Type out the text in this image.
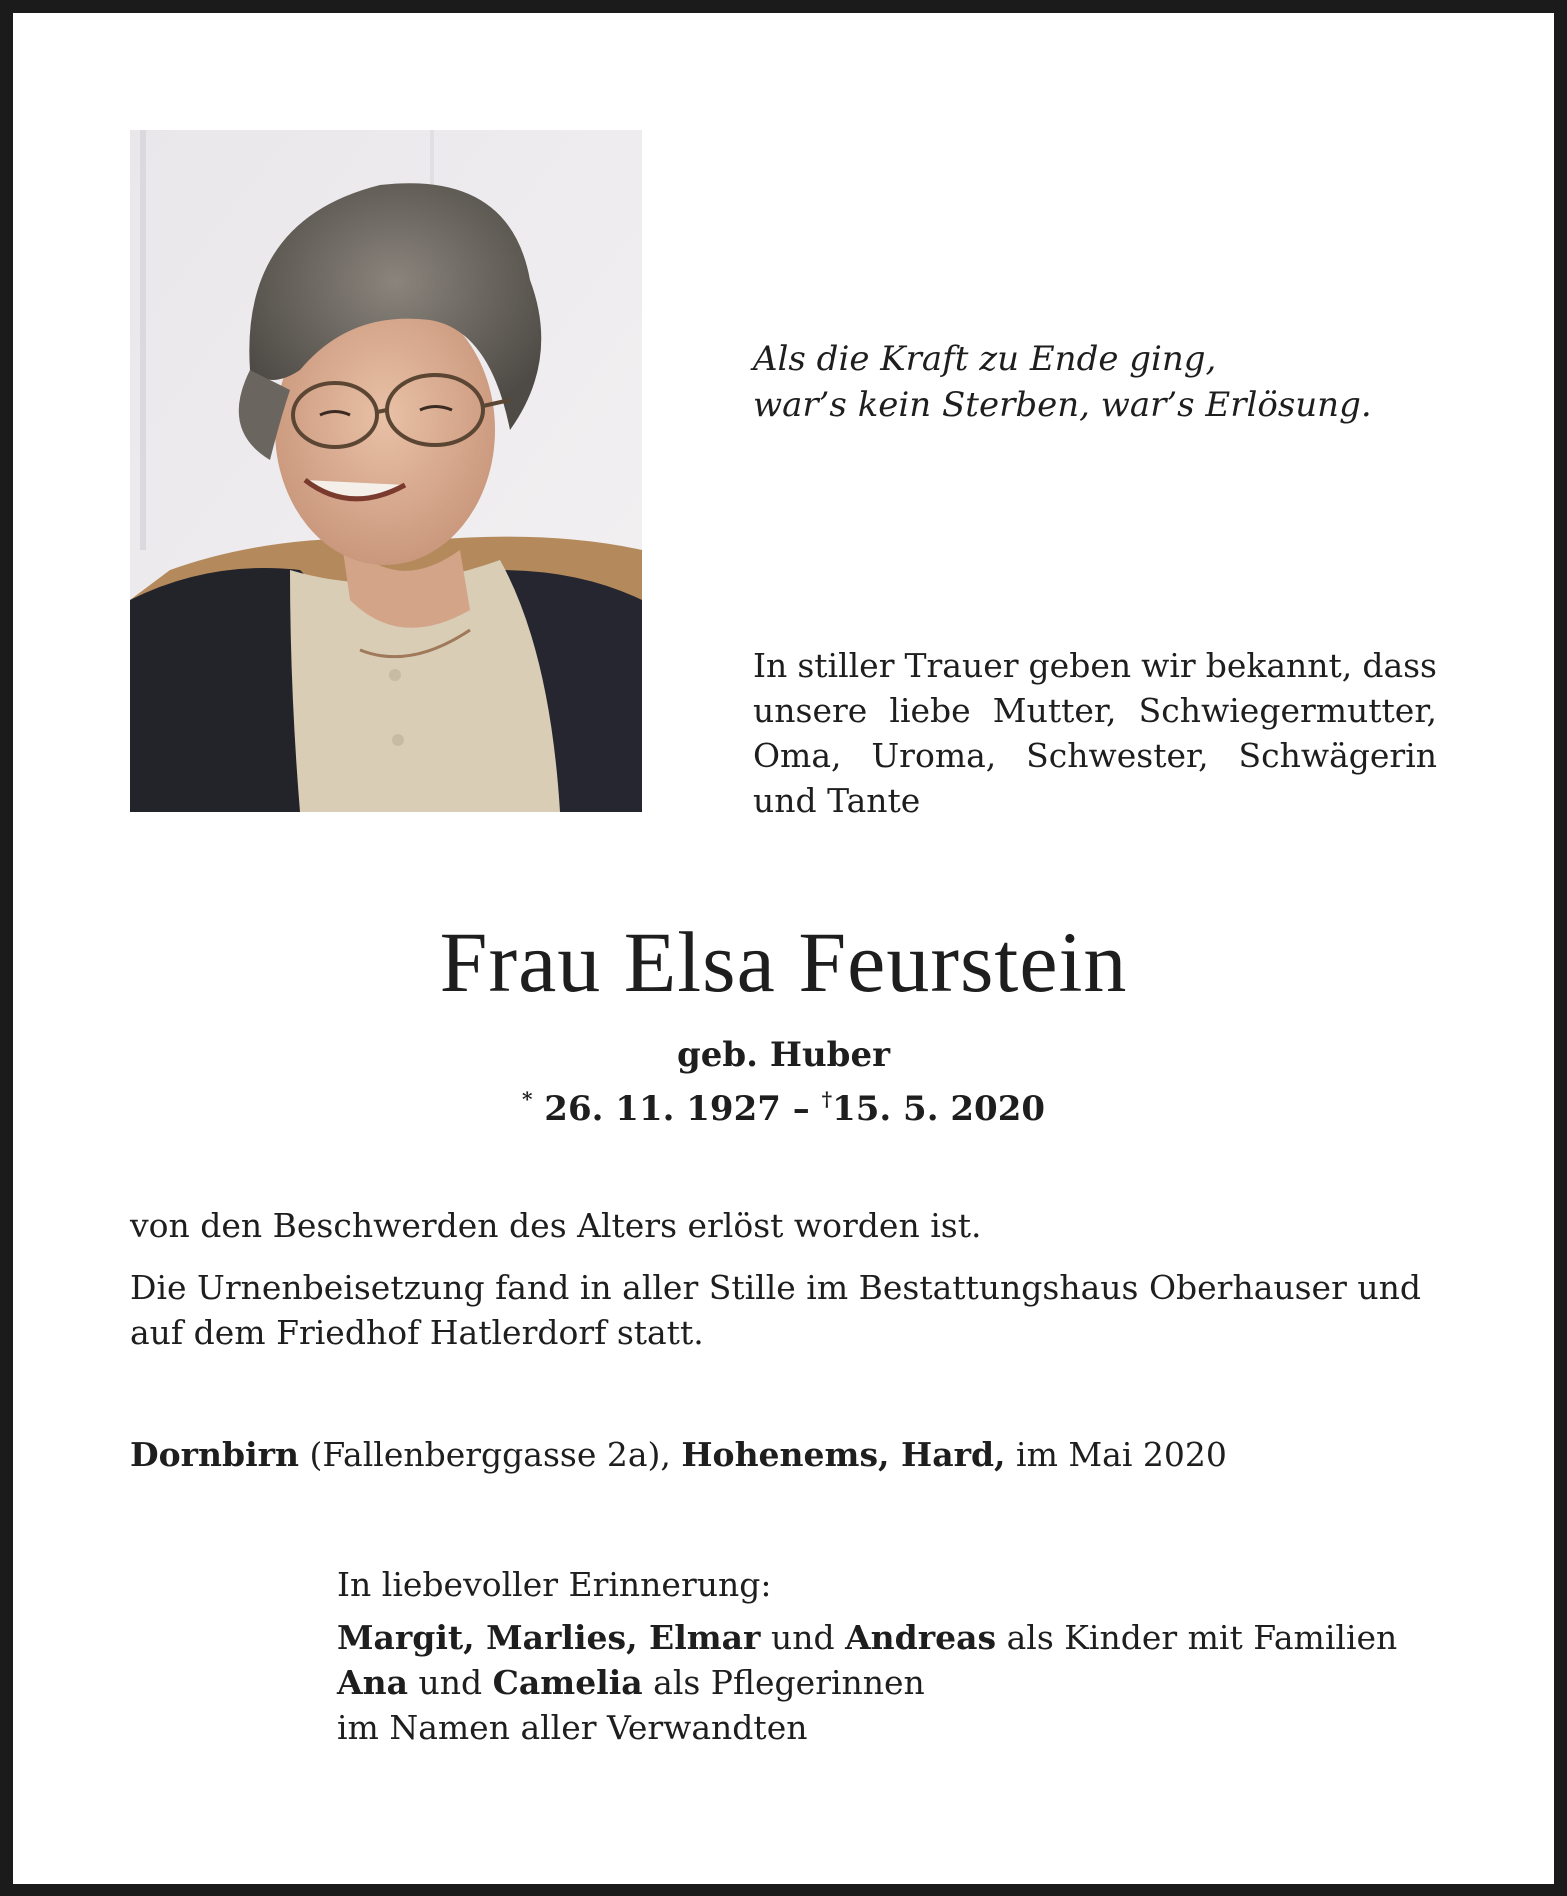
Als die Kraft zu Ende ging,
war’s kein Sterben, war’s Erlösung.
In stiller Trauer geben wir bekannt, dass
unsere liebe Mutter, Schwiegermutter,
Oma, Uroma, Schwester, Schwägerin
und Tante
Frau Elsa Feurstein
geb. Huber
* 26. 11. 1927 – †15. 5. 2020
von den Beschwerden des Alters erlöst worden ist.
Die Urnenbeisetzung fand in aller Stille im Bestattungshaus Oberhauser und
auf dem Friedhof Hatlerdorf statt.
Dornbirn (Fallenberggasse 2a), Hohenems, Hard, im Mai 2020
In liebevoller Erinnerung:
Margit, Marlies, Elmar und Andreas als Kinder mit Familien
Ana und Camelia als Pflegerinnen
im Namen aller Verwandten
